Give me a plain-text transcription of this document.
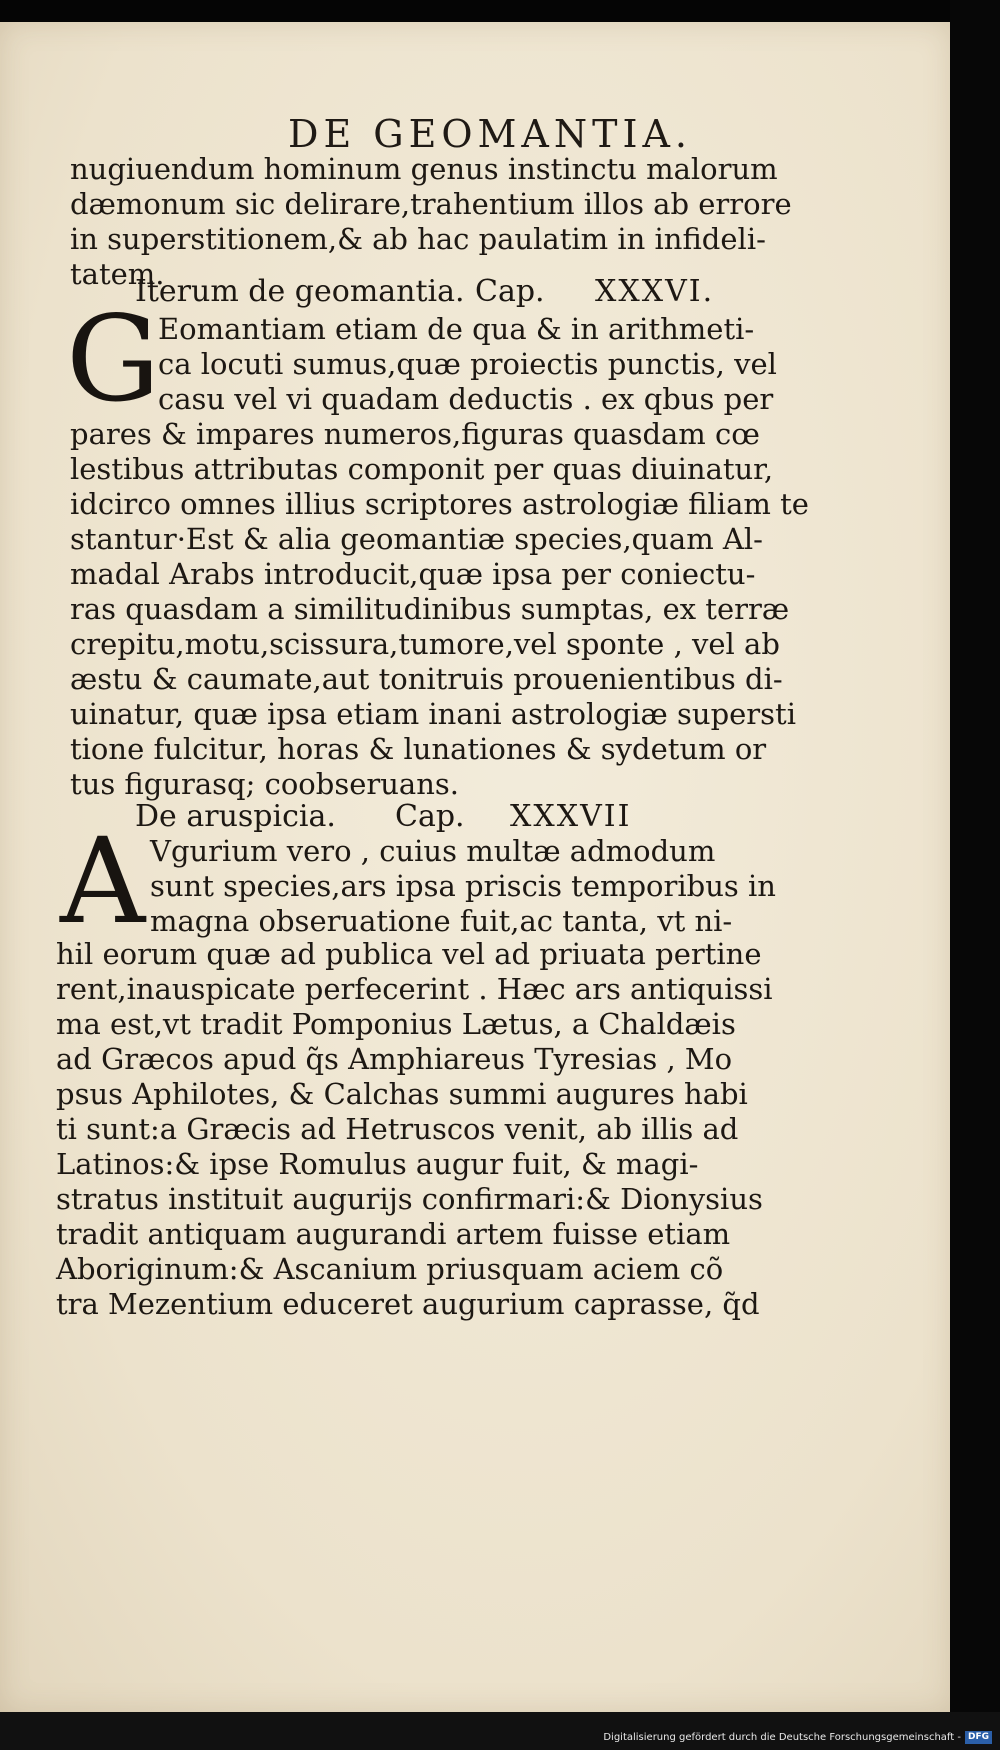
DE GEOMANTIA.
nugiuendum hominum genus instinctu malorum
dæmonum sic delirare,trahentium illos ab errore
in superstitionem,& ab hac paulatim in infideli-
tatem.
Iterum de geomantia. Cap. XXXVI.
G
Eomantiam etiam de qua & in arithmeti-
ca locuti sumus,quæ proiectis punctis, vel
casu vel vi quadam deductis . ex qbus per
pares & impares numeros,figuras quasdam cœ
lestibus attributas componit per quas diuinatur,
idcirco omnes illius scriptores astrologiæ filiam te
stantur·Est & alia geomantiæ species,quam Al-
madal Arabs introducit,quæ ipsa per coniectu-
ras quasdam a similitudinibus sumptas, ex terræ
crepitu,motu,scissura,tumore,vel sponte , vel ab
æstu & caumate,aut tonitruis prouenientibus di-
uinatur, quæ ipsa etiam inani astrologiæ supersti
tione fulcitur, horas & lunationes & sydetum or
tus figurasq; coobseruans.
De aruspicia. Cap. XXXVII
A Vgurium vero , cuius multæ admodum
sunt species,ars ipsa priscis temporibus in
magna obseruatione fuit,ac tanta, vt ni-
hil eorum quæ ad publica vel ad priuata pertine
rent,inauspicate perfecerint . Hæc ars antiquissi
ma est,vt tradit Pomponius Lætus, a Chaldæis
ad Græcos apud q̃s Amphiareus Tyresias , Mo
psus Aphilotes, & Calchas summi augures habi
ti sunt:a Græcis ad Hetruscos venit, ab illis ad
Latinos:& ipse Romulus augur fuit, & magi-
stratus instituit augurijs confirmari:& Dionysius
tradit antiquam augurandi artem fuisse etiam
Aboriginum:& Ascanium priusquam aciem cõ
tra Mezentium educeret augurium caprasse, q̃d
Digitalisierung gefördert durch die Deutsche Forschungsgemeinschaft - DFG
